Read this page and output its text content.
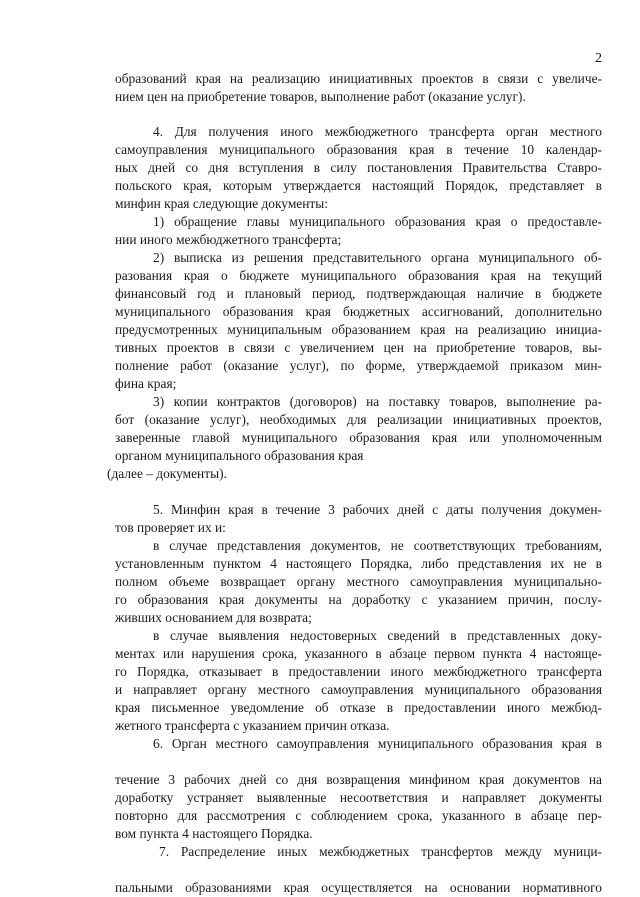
2
образований края на реализацию инициативных проектов в связи с увеличе-
нием цен на приобретение товаров, выполнение работ (оказание услуг).
4. Для получения иного межбюджетного трансферта орган местного
самоуправления муниципального образования края в течение 10 календар-
ных дней со дня вступления в силу постановления Правительства Ставро-
польского края, которым утверждается настоящий Порядок, представляет в
минфин края следующие документы:
1) обращение главы муниципального образования края о предоставле-
нии иного межбюджетного трансферта;
2) выписка из решения представительного органа муниципального об-
разования края о бюджете муниципального образования края на текущий
финансовый год и плановый период, подтверждающая наличие в бюджете
муниципального образования края бюджетных ассигнований, дополнительно
предусмотренных муниципальным образованием края на реализацию инициа-
тивных проектов в связи с увеличением цен на приобретение товаров, вы-
полнение работ (оказание услуг), по форме, утверждаемой приказом мин-
фина края;
3) копии контрактов (договоров) на поставку товаров, выполнение ра-
бот (оказание услуг), необходимых для реализации инициативных проектов,
заверенные главой муниципального образования края или уполномоченным
органом муниципального образования края
(далее – документы).
5. Минфин края в течение 3 рабочих дней с даты получения докумен-
тов проверяет их и:
в случае представления документов, не соответствующих требованиям,
установленным пунктом 4 настоящего Порядка, либо представления их не в
полном объеме возвращает органу местного самоуправления муниципально-
го образования края документы на доработку с указанием причин, послу-
живших основанием для возврата;
в случае выявления недостоверных сведений в представленных доку-
ментах или нарушения срока, указанного в абзаце первом пункта 4 настояще-
го Порядка, отказывает в предоставлении иного межбюджетного трансферта
и направляет органу местного самоуправления муниципального образования
края письменное уведомление об отказе в предоставлении иного межбюд-
жетного трансферта с указанием причин отказа.
6. Орган местного самоуправления муниципального образования края в
течение 3 рабочих дней со дня возвращения минфином края документов на
доработку устраняет выявленные несоответствия и направляет документы
повторно для рассмотрения с соблюдением срока, указанного в абзаце пер-
вом пункта 4 настоящего Порядка.
7. Распределение иных межбюджетных трансфертов между муници-
пальными образованиями края осуществляется на основании нормативного
